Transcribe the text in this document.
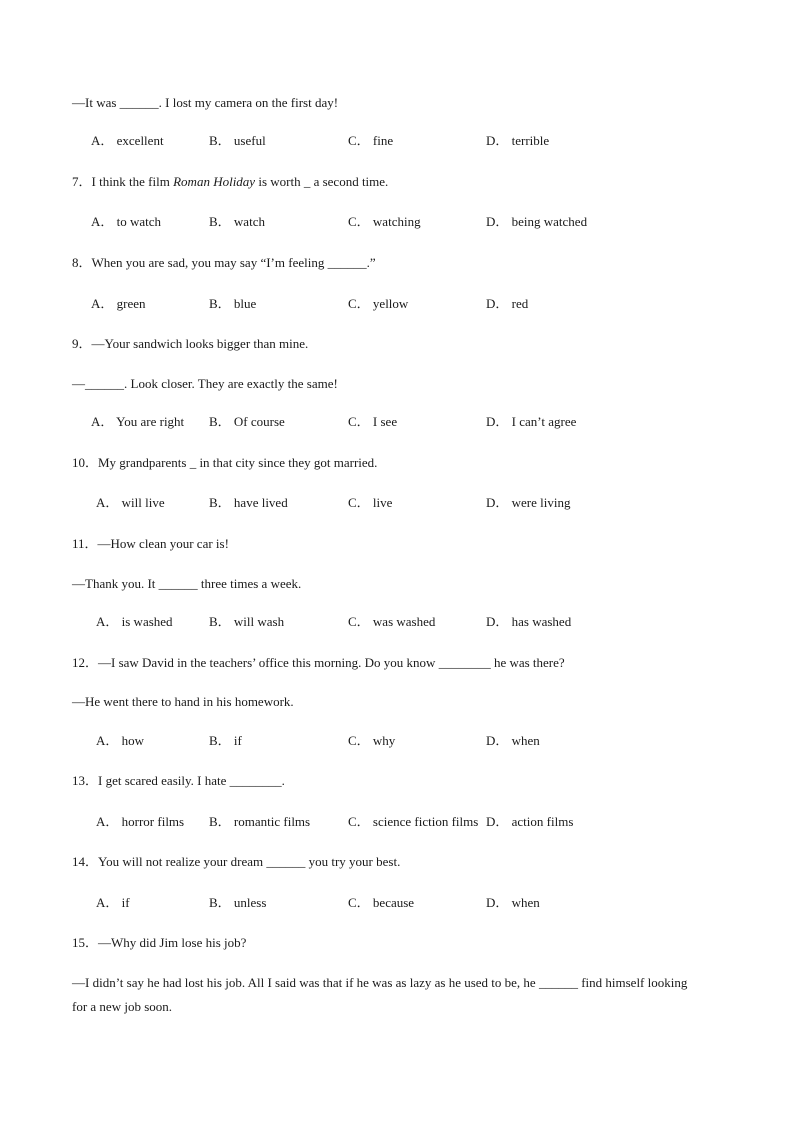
—It was ______. I lost my camera on the first day!
A． excellent	B． useful	C． fine	D． terrible
7．I think the film Roman Holiday is worth _ a second time.
A． to watch	B． watch	C． watching	D． being watched
8．When you are sad, you may say “I’m feeling ______.”
A． green	B． blue	C． yellow	D． red
9．—Your sandwich looks bigger than mine.
—______. Look closer. They are exactly the same!
A． You are right B． Of course	C． I see	D． I can’t agree
10．My grandparents _ in that city since they got married.
A． will live	B． have lived	C． live	D． were living
11．—How clean your car is!
—Thank you. It ______ three times a week.
A． is washed	B． will wash	C． was washed	D． has washed
12．—I saw David in the teachers’ office this morning. Do you know ________ he was there?
—He went there to hand in his homework.
A． how	B． if	C． why	D． when
13．I get scared easily. I hate ________.
A． horror films B． romantic films	C． science fiction films D． action films
14．You will not realize your dream ______ you try your best.
A． if	B． unless	C． because	D． when
15．—Why did Jim lose his job?
—I didn’t say he had lost his job. All I said was that if he was as lazy as he used to be, he ______ find himself looking for a new job soon.
